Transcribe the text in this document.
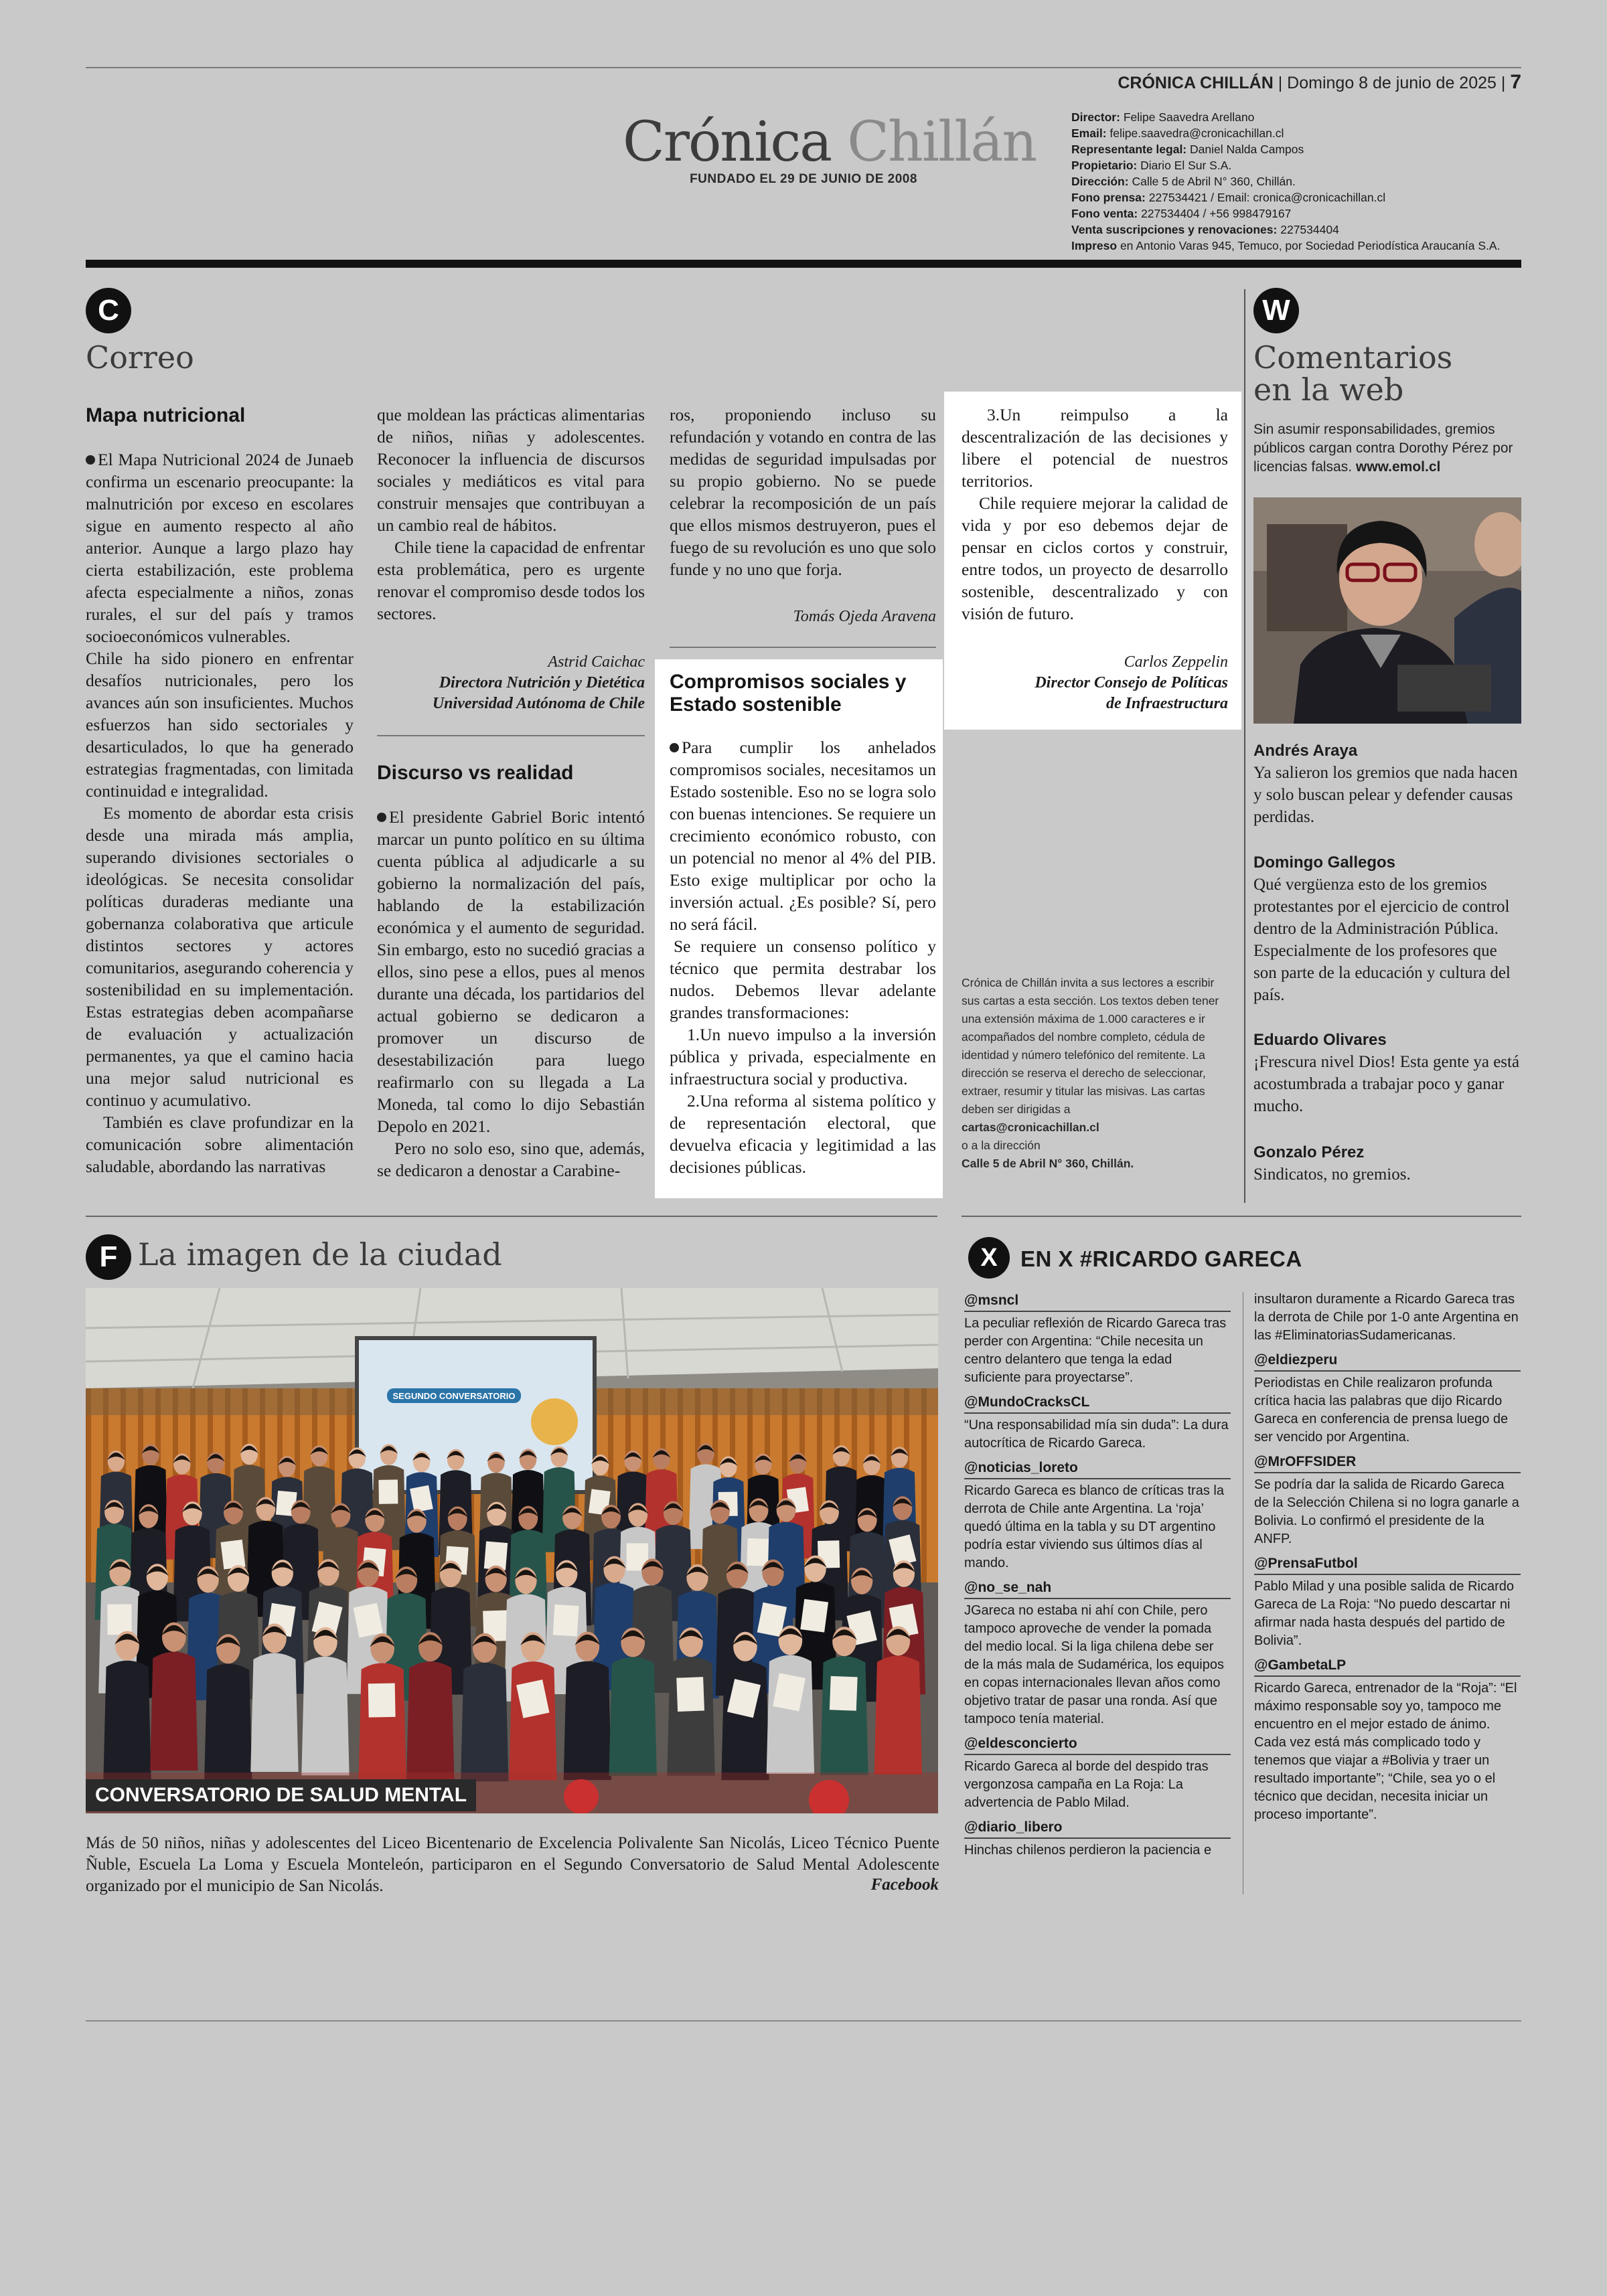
CRÓNICA CHILLÁN | Domingo 8 de junio de 2025 | 7
Crónica Chillán
FUNDADO EL 29 DE JUNIO DE 2008
Director: Felipe Saavedra Arellano
Email: felipe.saavedra@cronicachillan.cl
Representante legal: Daniel Nalda Campos
Propietario: Diario El Sur S.A.
Dirección: Calle 5 de Abril N° 360, Chillán.
Fono prensa: 227534421 / Email: cronica@cronicachillan.cl
Fono venta: 227534404 / +56 998479167
Venta suscripciones y renovaciones: 227534404
Impreso en Antonio Varas 945, Temuco, por Sociedad Periodística Araucanía S.A.
C
Correo
Mapa nutricional

El Mapa Nutricional 2024 de Junaeb confirma un escenario preocupante: la malnutrición por exceso en escolares sigue en aumento respecto al año anterior. Aunque a largo plazo hay cierta estabilización, este problema afecta especialmente a niños, zonas rurales, el sur del país y tramos socioeconómicos vulnerables.

Chile ha sido pionero en enfrentar desafíos nutricionales, pero los avances aún son insuficientes. Muchos esfuerzos han sido sectoriales y desarticulados, lo que ha generado estrategias fragmentadas, con limitada continuidad e integralidad.

Es momento de abordar esta crisis desde una mirada más amplia, superando divisiones sectoriales o ideológicas. Se necesita consolidar políticas duraderas mediante una gobernanza colaborativa que articule distintos sectores y actores comunitarios, asegurando coherencia y sostenibilidad en su implementación. Estas estrategias deben acompañarse de evaluación y actualización permanentes, ya que el camino hacia una mejor salud nutricional es continuo y acumulativo.

También es clave profundizar en la comunicación sobre alimentación saludable, abordando las narrativas

que moldean las prácticas alimentarias de niños, niñas y adolescentes. Reconocer la influencia de discursos sociales y mediáticos es vital para construir mensajes que contribuyan a un cambio real de hábitos.

Chile tiene la capacidad de enfrentar esta problemática, pero es urgente renovar el compromiso desde todos los sectores.

Astrid Caichac
Directora Nutrición y Dietética
Universidad Autónoma de Chile
Discurso vs realidad

El presidente Gabriel Boric intentó marcar un punto político en su última cuenta pública al adjudicarle a su gobierno la normalización del país, hablando de la estabilización económica y el aumento de seguridad. Sin embargo, esto no sucedió gracias a ellos, sino pese a ellos, pues al menos durante una década, los partidarios del actual gobierno se dedicaron a promover un discurso de desestabilización para luego reafirmarlo con su llegada a La Moneda, tal como lo dijo Sebastián Depolo en 2021.

Pero no solo eso, sino que, además, se dedicaron a denostar a Carabine-

ros, proponiendo incluso su refundación y votando en contra de las medidas de seguridad impulsadas por su propio gobierno. No se puede celebrar la recomposición de un país que ellos mismos destruyeron, pues el fuego de su revolución es uno que solo funde y no uno que forja.

Tomás Ojeda Aravena
Compromisos sociales y Estado sostenible

Para cumplir los anhelados compromisos sociales, necesitamos un Estado sostenible. Eso no se logra solo con buenas intenciones. Se requiere un crecimiento económico robusto, con un potencial no menor al 4% del PIB. Esto exige multiplicar por ocho la inversión actual. ¿Es posible? Sí, pero no será fácil.

Se requiere un consenso político y técnico que permita destrabar los nudos. Debemos llevar adelante grandes transformaciones:

1.Un nuevo impulso a la inversión pública y privada, especialmente en infraestructura social y productiva.

2.Una reforma al sistema político y de representación electoral, que devuelva eficacia y legitimidad a las decisiones públicas.

3.Un reimpulso a la descentralización de las decisiones y libere el potencial de nuestros territorios.

Chile requiere mejorar la calidad de vida y por eso debemos dejar de pensar en ciclos cortos y construir, entre todos, un proyecto de desarrollo sostenible, descentralizado y con visión de futuro.

Carlos Zeppelin
Director Consejo de Políticas
de Infraestructura
Crónica de Chillán invita a sus lectores a escribir sus cartas a esta sección. Los textos deben tener una extensión máxima de 1.000 caracteres e ir acompañados del nombre completo, cédula de identidad y número telefónico del remitente. La dirección se reserva el derecho de seleccionar, extraer, resumir y titular las misivas. Las cartas deben ser dirigidas a
cartas@cronicachillan.cl
o a la dirección
Calle 5 de Abril N° 360, Chillán.
W
Comentarios
en la web
Sin asumir responsabilidades, gremios públicos cargan contra Dorothy Pérez por licencias falsas. www.emol.cl
Andrés Araya
Ya salieron los gremios que nada hacen y solo buscan pelear y defender causas perdidas.
Domingo Gallegos
Qué vergüenza esto de los gremios protestantes por el ejercicio de control dentro de la Administración Pública. Especialmente de los profesores que son parte de la educación y cultura del país.
Eduardo Olivares
¡Frescura nivel Dios! Esta gente ya está acostumbrada a trabajar poco y ganar mucho.
Gonzalo Pérez
Sindicatos, no gremios.
F La imagen de la ciudad
SEGUNDO CONVERSATORIO
CONVERSATORIO DE SALUD MENTAL
Más de 50 niños, niñas y adolescentes del Liceo Bicentenario de Excelencia Polivalente San Nicolás, Liceo Técnico Puente Ñuble, Escuela La Loma y Escuela Monteleón, participaron en el Segundo Conversatorio de Salud Mental Adolescente organizado por el municipio de San Nicolás.	Facebook
X	EN X #RICARDO GARECA
@msncl
La peculiar reflexión de Ricardo Gareca tras perder con Argentina: “Chile necesita un centro delantero que tenga la edad suficiente para proyectarse”.
@MundoCracksCL
“Una responsabilidad mía sin duda”: La dura autocrítica de Ricardo Gareca.
@noticias_loreto
Ricardo Gareca es blanco de críticas tras la derrota de Chile ante Argentina. La ‘roja’ quedó última en la tabla y su DT argentino podría estar viviendo sus últimos días al mando.
@no_se_nah
JGareca no estaba ni ahí con Chile, pero tampoco aproveche de vender la pomada del medio local. Si la liga chilena debe ser de la más mala de Sudamérica, los equipos en copas internacionales llevan años como objetivo tratar de pasar una ronda. Así que tampoco tenía material.
@eldesconcierto
Ricardo Gareca al borde del despido tras vergonzosa campaña en La Roja: La advertencia de Pablo Milad.
@diario_libero
Hinchas chilenos perdieron la paciencia e
insultaron duramente a Ricardo Gareca tras la derrota de Chile por 1-0 ante Argentina en las #EliminatoriasSudamericanas.
@eldiezperu
Periodistas en Chile realizaron profunda crítica hacia las palabras que dijo Ricardo Gareca en conferencia de prensa luego de ser vencido por Argentina.
@MrOFFSIDER
Se podría dar la salida de Ricardo Gareca de la Selección Chilena si no logra ganarle a Bolivia. Lo confirmó el presidente de la ANFP.
@PrensaFutbol
Pablo Milad y una posible salida de Ricardo Gareca de La Roja: “No puedo descartar ni afirmar nada hasta después del partido de Bolivia”.
@GambetaLP
Ricardo Gareca, entrenador de la “Roja”: “El máximo responsable soy yo, tampoco me encuentro en el mejor estado de ánimo. Cada vez está más complicado todo y tenemos que viajar a #Bolivia y traer un resultado importante”; “Chile, sea yo o el técnico que decidan, necesita iniciar un proceso importante”.
